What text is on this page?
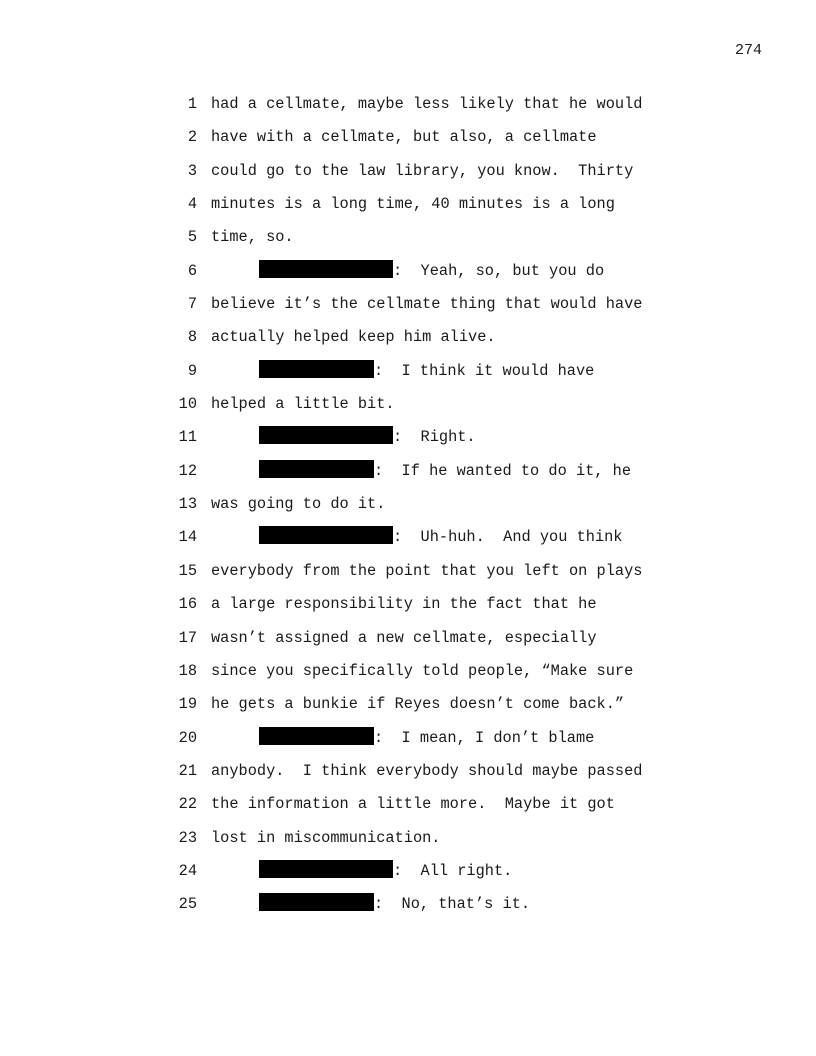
274
1 had a cellmate, maybe less likely that he would
2 have with a cellmate, but also, a cellmate
3 could go to the law library, you know.  Thirty
4 minutes is a long time, 40 minutes is a long
5 time, so.
6	:  Yeah, so, but you do
7 believe it’s the cellmate thing that would have
8 actually helped keep him alive.
9	:  I think it would have
10 helped a little bit.
11	:  Right.
12	:  If he wanted to do it, he
13 was going to do it.
14	:  Uh-huh.  And you think
15 everybody from the point that you left on plays
16 a large responsibility in the fact that he
17 wasn’t assigned a new cellmate, especially
18 since you specifically told people, “Make sure
19 he gets a bunkie if Reyes doesn’t come back.”
20	:  I mean, I don’t blame
21 anybody.  I think everybody should maybe passed
22 the information a little more.  Maybe it got
23 lost in miscommunication.
24	:  All right.
25	:  No, that’s it.
